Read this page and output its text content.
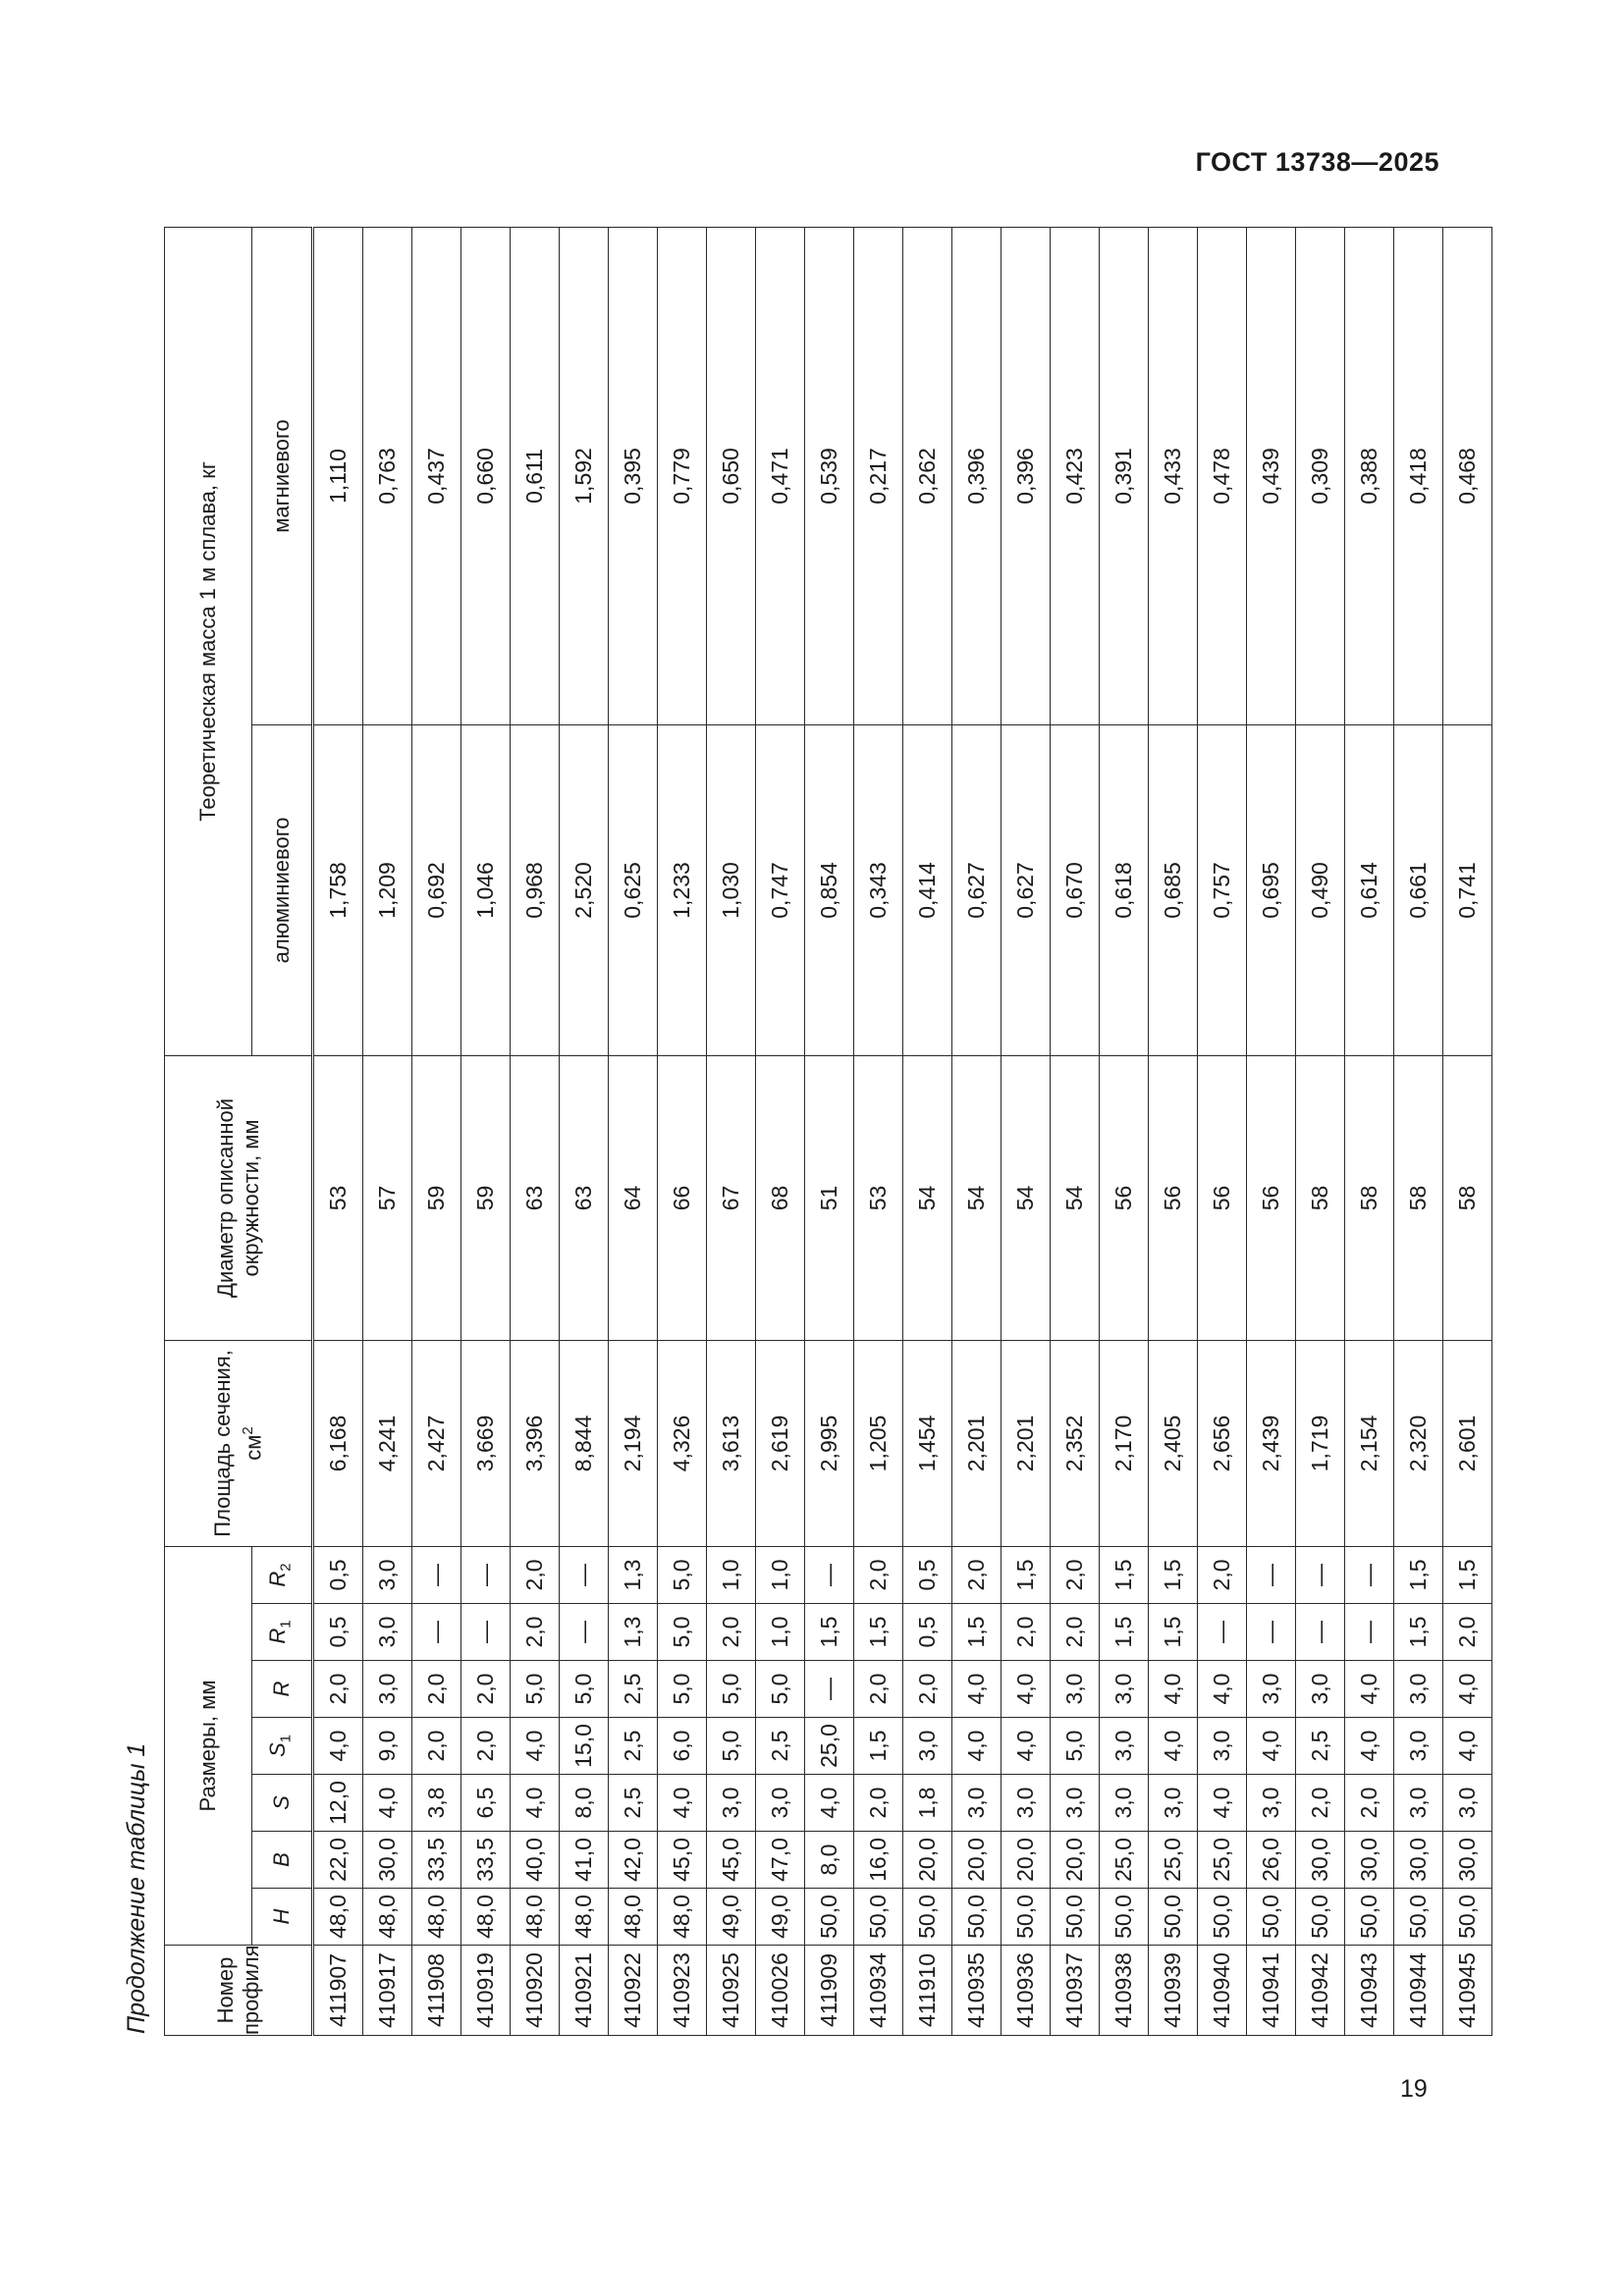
ГОСТ 13738—2025
Продолжение таблицы 1	Номер профиля	Размеры, мм							Площадь сечения, $см^2$	Диаметр описанной окружности, мм	Теоретическая масса 1 м сплава, кг	
	H	B	S	$S_1$	R	$R_1$	$R_2$			алюминиевого	магниевого
411907	48,0	22,0	12,0	4,0	2,0	0,5	0,5	6,168	53	1,758	1,110
410917	48,0	30,0	4,0	9,0	3,0	3,0	3,0	4,241	57	1,209	0,763
411908	48,0	33,5	3,8	2,0	2,0	—	—	2,427	59	0,692	0,437
410919	48,0	33,5	6,5	2,0	2,0	—	—	3,669	59	1,046	0,660
410920	48,0	40,0	4,0	4,0	5,0	2,0	2,0	3,396	63	0,968	0,611
410921	48,0	41,0	8,0	15,0	5,0	—	—	8,844	63	2,520	1,592
410922	48,0	42,0	2,5	2,5	2,5	1,3	1,3	2,194	64	0,625	0,395
410923	48,0	45,0	4,0	6,0	5,0	5,0	5,0	4,326	66	1,233	0,779
410925	49,0	45,0	3,0	5,0	5,0	2,0	1,0	3,613	67	1,030	0,650
410026	49,0	47,0	3,0	2,5	5,0	1,0	1,0	2,619	68	0,747	0,471
411909	50,0	8,0	4,0	25,0	—	1,5	—	2,995	51	0,854	0,539
410934	50,0	16,0	2,0	1,5	2,0	1,5	2,0	1,205	53	0,343	0,217
411910	50,0	20,0	1,8	3,0	2,0	0,5	0,5	1,454	54	0,414	0,262
410935	50,0	20,0	3,0	4,0	4,0	1,5	2,0	2,201	54	0,627	0,396
410936	50,0	20,0	3,0	4,0	4,0	2,0	1,5	2,201	54	0,627	0,396
410937	50,0	20,0	3,0	5,0	3,0	2,0	2,0	2,352	54	0,670	0,423
410938	50,0	25,0	3,0	3,0	3,0	1,5	1,5	2,170	56	0,618	0,391
410939	50,0	25,0	3,0	4,0	4,0	1,5	1,5	2,405	56	0,685	0,433
410940	50,0	25,0	4,0	3,0	4,0	—	2,0	2,656	56	0,757	0,478
410941	50,0	26,0	3,0	4,0	3,0	—	—	2,439	56	0,695	0,439
410942	50,0	30,0	2,0	2,5	3,0	—	—	1,719	58	0,490	0,309
410943	50,0	30,0	2,0	4,0	4,0	—	—	2,154	58	0,614	0,388
410944	50,0	30,0	3,0	3,0	3,0	1,5	1,5	2,320	58	0,661	0,418
410945	50,0	30,0	3,0	4,0	4,0	2,0	1,5	2,601	58	0,741	0,468
19
